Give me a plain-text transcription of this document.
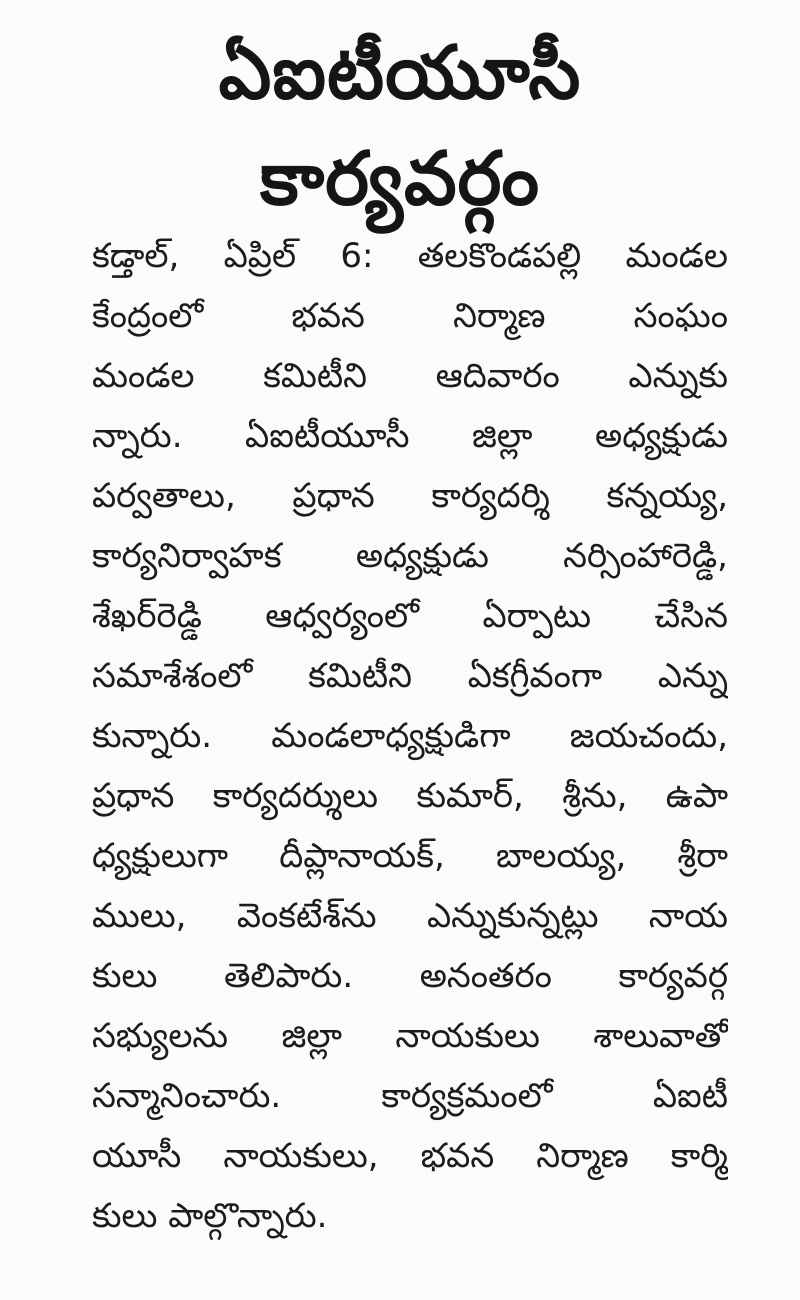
ఏఐటీయూసీ
కార్యవర్గం
కడ్తాల్, ఏప్రిల్ 6: తలకొండపల్లి మండల
కేంద్రంలో భవన నిర్మాణ సంఘం
మండల కమిటీని ఆదివారం ఎన్నుకు
న్నారు. ఏఐటీయూసీ జిల్లా అధ్యక్షుడు
పర్వతాలు, ప్రధాన కార్యదర్శి కన్నయ్య,
కార్యనిర్వాహక అధ్యక్షుడు నర్సింహారెడ్డి,
శేఖర్‌రెడ్డి ఆధ్వర్యంలో ఏర్పాటు చేసిన
సమాశేశంలో కమిటీని ఏకగ్రీవంగా ఎన్ను
కున్నారు. మండలాధ్యక్షుడిగా జయచందు,
ప్రధాన కార్యదర్శులు కుమార్, శ్రీను, ఉపా
ధ్యక్షులుగా దీప్లానాయక్, బాలయ్య, శ్రీరా
ములు, వెంకటేశ్‌ను ఎన్నుకున్నట్లు నాయ
కులు తెలిపారు. అనంతరం కార్యవర్గ
సభ్యులను జిల్లా నాయకులు శాలువాతో
సన్మానించారు. కార్యక్రమంలో ఏఐటీ
యూసీ నాయకులు, భవన నిర్మాణ కార్మి
కులు పాల్గొన్నారు.
